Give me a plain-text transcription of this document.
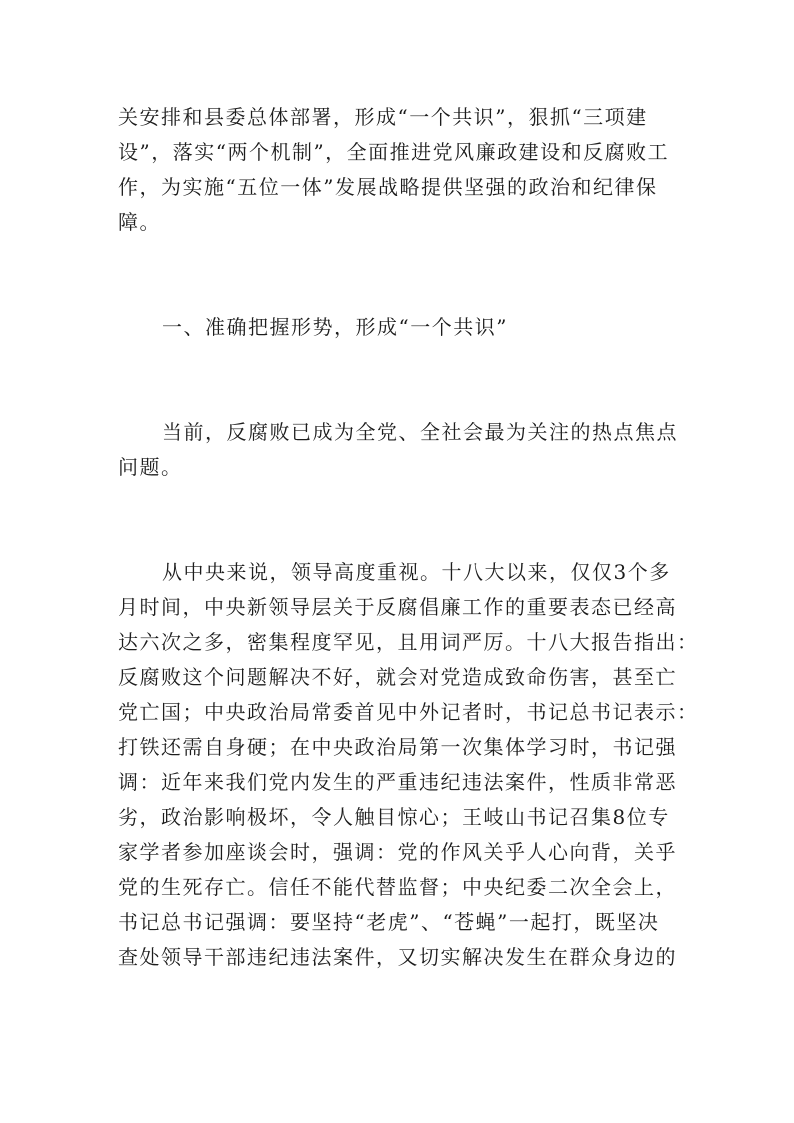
关安排和县委总体部署，形成“一个共识”，狠抓“三项建
设”，落实“两个机制”，全面推进党风廉政建设和反腐败工
作，为实施“五位一体”发展战略提供坚强的政治和纪律保
障。
一、准确把握形势，形成“一个共识”
当前，反腐败已成为全党、全社会最为关注的热点焦点
问题。
从中央来说，领导高度重视。十八大以来，仅仅3个多
月时间，中央新领导层关于反腐倡廉工作的重要表态已经高
达六次之多，密集程度罕见，且用词严厉。十八大报告指出：
反腐败这个问题解决不好，就会对党造成致命伤害，甚至亡
党亡国；中央政治局常委首见中外记者时，书记总书记表示：
打铁还需自身硬；在中央政治局第一次集体学习时，书记强
调：近年来我们党内发生的严重违纪违法案件，性质非常恶
劣，政治影响极坏，令人触目惊心；王岐山书记召集8位专
家学者参加座谈会时，强调：党的作风关乎人心向背，关乎
党的生死存亡。信任不能代替监督；中央纪委二次全会上，
书记总书记强调：要坚持“老虎”、“苍蝇”一起打，既坚决
查处领导干部违纪违法案件，又切实解决发生在群众身边的
